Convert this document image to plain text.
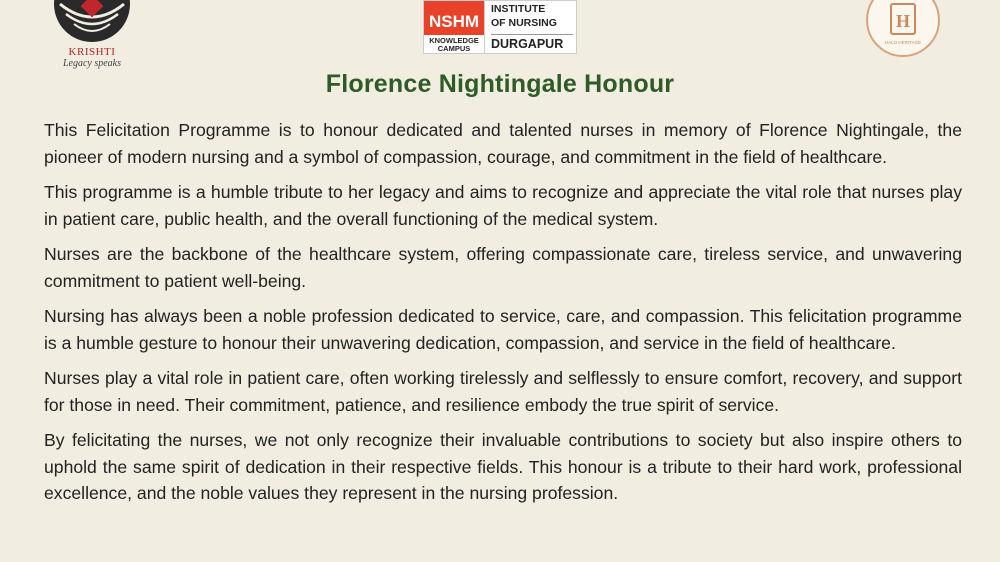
KRISHTI
Legacy speaks
NSHM
KNOWLEDGE
CAMPUS
INSTITUTE
OF NURSING
DURGAPUR
H
HALO HERITAGE
Florence Nightingale Honour

This Felicitation Programme is to honour dedicated and talented nurses in memory of Florence Nightingale, the pioneer of modern nursing and a symbol of compassion, courage, and commitment in the field of healthcare.

This programme is a humble tribute to her legacy and aims to recognize and appreciate the vital role that nurses play in patient care, public health, and the overall functioning of the medical system.

Nurses are the backbone of the healthcare system, offering compassionate care, tireless service, and unwavering commitment to patient well-being.

Nursing has always been a noble profession dedicated to service, care, and compassion. This felicitation programme is a humble gesture to honour their unwavering dedication, compassion, and service in the field of healthcare.

Nurses play a vital role in patient care, often working tirelessly and selflessly to ensure comfort, recovery, and support for those in need. Their commitment, patience, and resilience embody the true spirit of service.

By felicitating the nurses, we not only recognize their invaluable contributions to society but also inspire others to uphold the same spirit of dedication in their respective fields. This honour is a tribute to their hard work, professional excellence, and the noble values they represent in the nursing profession.
